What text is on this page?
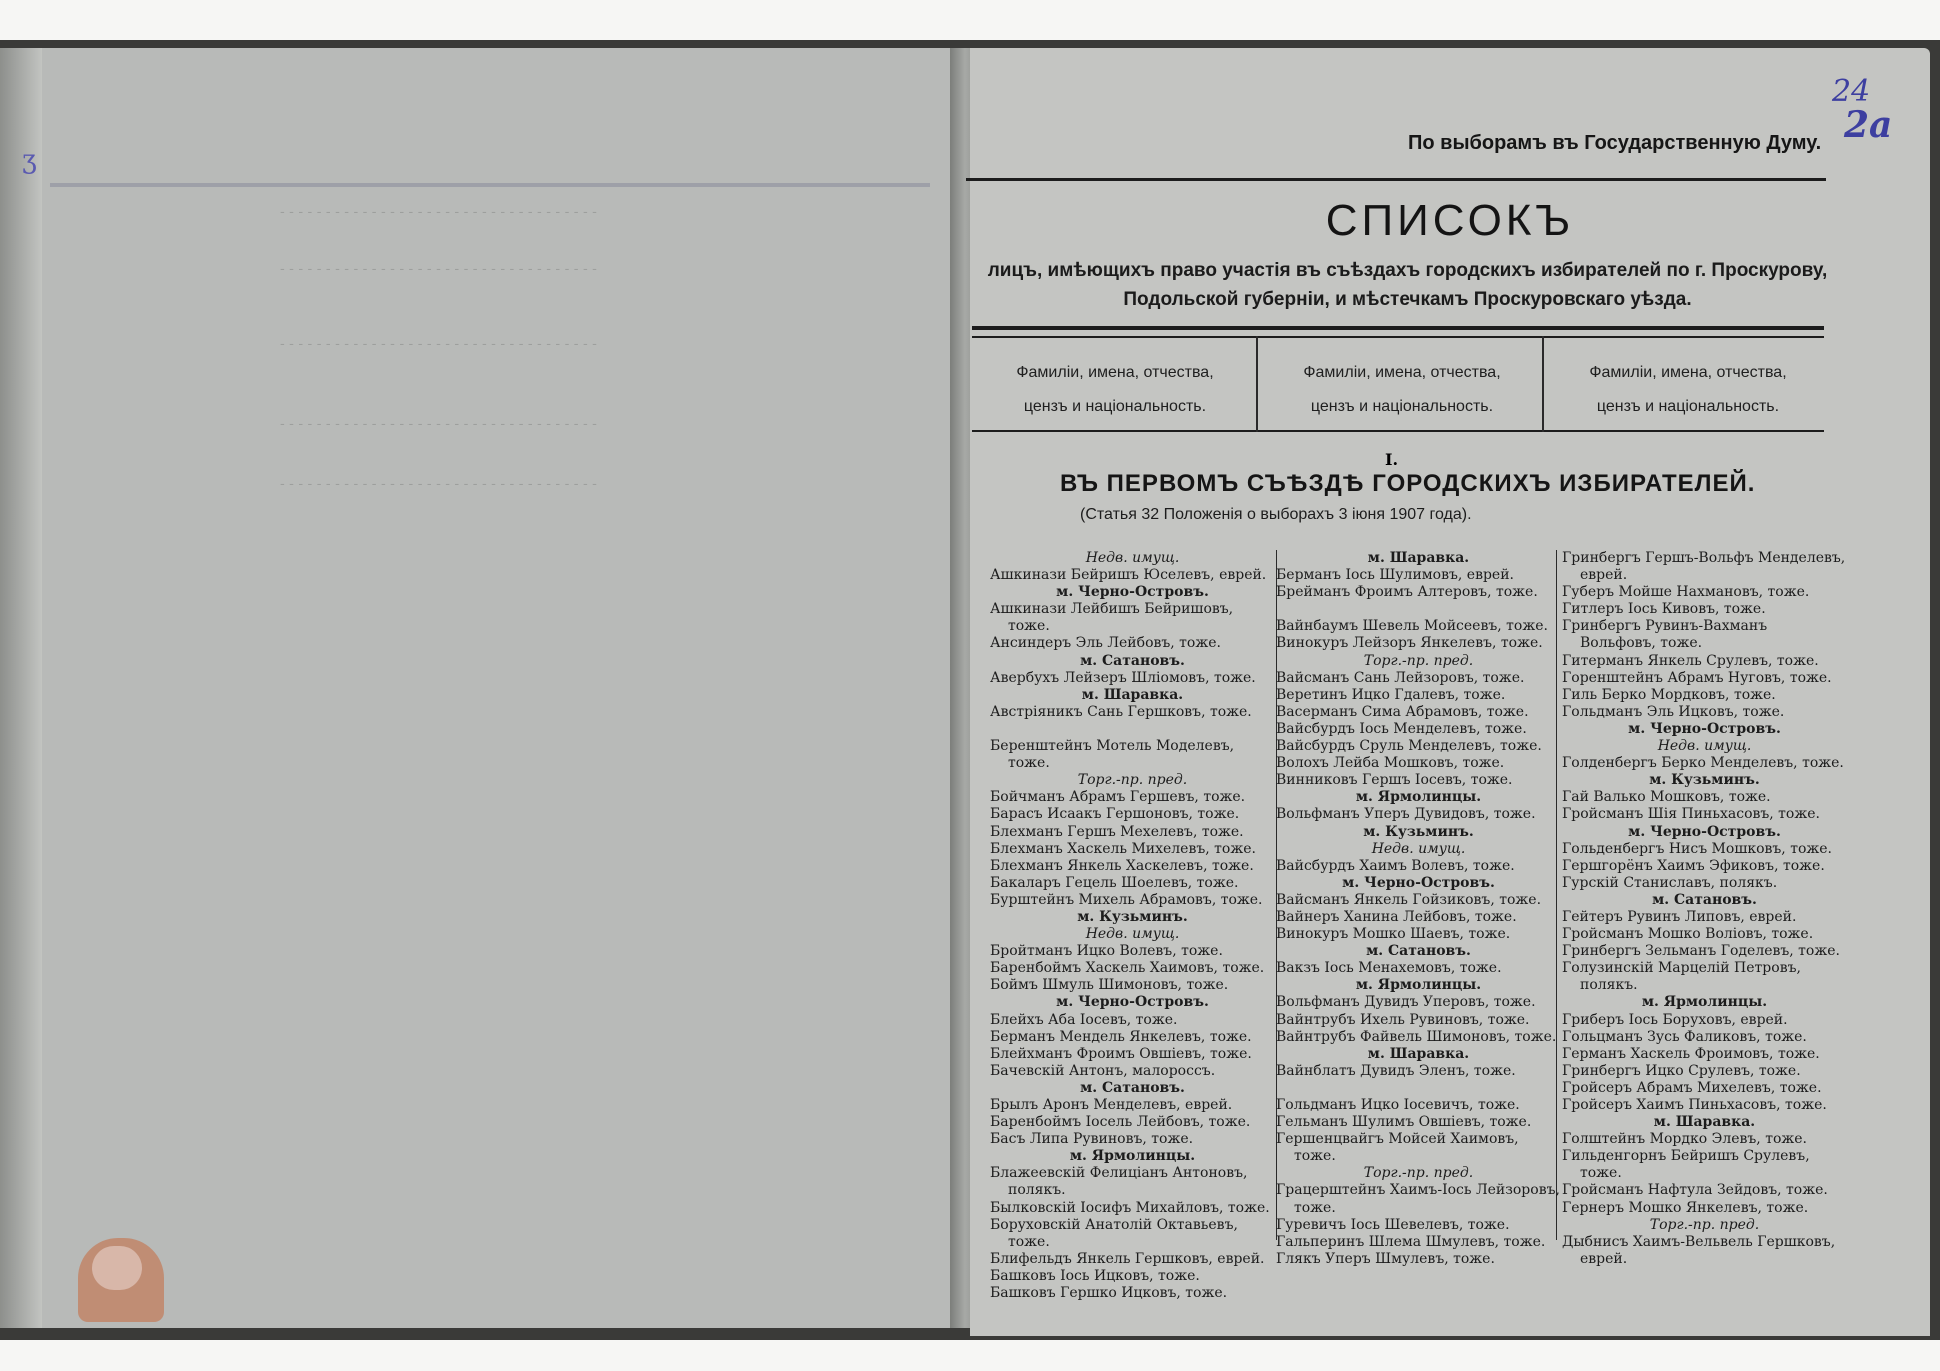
- - - - - - - - - - - - - - - - - - - - - - - - - - - - - - - - - - -
- - - - - - - - - - - - - - - - - - - - - - - - - - - - - - - - - - -
- - - - - - - - - - - - - - - - - - - - - - - - - - - - - - - - - - -
- - - - - - - - - - - - - - - - - - - - - - - - - - - - - - - - - - -
- - - - - - - - - - - - - - - - - - - - - - - - - - - - - - - - - - -
ʒ
По выборамъ въ Государственную Думу.
24
2а
СПИСОКЪ
лицъ, имѣющихъ право участія въ съѣздахъ городскихъ избирателей по г. Проскурову,
Подольской губерніи, и мѣстечкамъ Проскуровскаго уѣзда.
Фамиліи, имена, отчества,
цензъ и національность.
Фамиліи, имена, отчества,
цензъ и національность.
Фамиліи, имена, отчества,
цензъ и національность.
I.
ВЪ ПЕРВОМЪ СЪѢЗДѢ ГОРОДСКИХЪ ИЗБИРАТЕЛЕЙ.
(Статья 32 Положенія о выборахъ 3 іюня 1907 года).
Недв. имущ.
Ашкинази Бейришъ Юселевъ, еврей.
м. Черно-Островъ.
Ашкинази Лейбишъ Бейришовъ, тоже.
Ансиндеръ Эль Лейбовъ, тоже.
м. Сатановъ.
Авербухъ Лейзеръ Шлiомовъ, тоже.
м. Шаравка.
Австріяникъ Сань Гершковъ, тоже.

Беренштейнъ Мотель Моделевъ, тоже.
Торг.-пр. пред.
Бойчманъ Абрамъ Гершевъ, тоже.
Барасъ Исаакъ Гершоновъ, тоже.
Блехманъ Гершъ Мехелевъ, тоже.
Блехманъ Хаскель Михелевъ, тоже.
Блехманъ Янкель Хаскелевъ, тоже.
Бакаларъ Гецель Шоелевъ, тоже.
Бурштейнъ Михель Абрамовъ, тоже.
м. Кузьминъ.
Недв. имущ.
Бройтманъ Ицко Волевъ, тоже.
Баренбоймъ Хаскель Хаимовъ, тоже.
Боймъ Шмуль Шимоновъ, тоже.
м. Черно-Островъ.
Блейхъ Аба Іосевъ, тоже.
Берманъ Мендель Янкелевъ, тоже.
Блейхманъ Фроимъ Овшіевъ, тоже.
Бачевскій Антонъ, малороссъ.
м. Сатановъ.
Брылъ Аронъ Менделевъ, еврей.
Баренбоймъ Іосель Лейбовъ, тоже.
Басъ Липа Рувиновъ, тоже.
м. Ярмолинцы.
Блажеевскій Фелиціанъ Антоновъ, полякъ.
Былковскій Іосифъ Михайловъ, тоже.
Боруховскій Анатолій Октавьевъ, тоже.
Блифельдъ Янкель Гершковъ, еврей.
Башковъ Іось Ицковъ, тоже.
Башковъ Гершко Ицковъ, тоже.
м. Шаравка.
Берманъ Іось Шулимовъ, еврей.
Брейманъ Фроимъ Алтеровъ, тоже.

Вайнбаумъ Шевель Мойсеевъ, тоже.
Винокуръ Лейзоръ Янкелевъ, тоже.
Торг.-пр. пред.
Вайсманъ Сань Лейзоровъ, тоже.
Веретинъ Ицко Гдалевъ, тоже.
Васерманъ Сима Абрамовъ, тоже.
Вайсбурдъ Іось Менделевъ, тоже.
Вайсбурдъ Сруль Менделевъ, тоже.
Волохъ Лейба Мошковъ, тоже.
Винниковъ Гершъ Іосевъ, тоже.
м. Ярмолинцы.
Вольфманъ Уперъ Дувидовъ, тоже.
м. Кузьминъ.
Недв. имущ.
Вайсбурдъ Хаимъ Волевъ, тоже.
м. Черно-Островъ.
Вайсманъ Янкель Гойзиковъ, тоже.
Вайнеръ Ханина Лейбовъ, тоже.
Винокуръ Мошко Шаевъ, тоже.
м. Сатановъ.
Вакзъ Іось Менахемовъ, тоже.
м. Ярмолинцы.
Вольфманъ Дувидъ Уперовъ, тоже.
Вайнтрубъ Ихель Рувиновъ, тоже.
Вайнтрубъ Файвель Шимоновъ, тоже.
м. Шаравка.
Вайнблатъ Дувидъ Эленъ, тоже.

Гольдманъ Ицко Іосевичъ, тоже.
Гельманъ Шулимъ Овшіевъ, тоже.
Гершенцвайгъ Мойсей Хаимовъ, тоже.
Торг.-пр. пред.
Грацерштейнъ Хаимъ-Іось Лейзоровъ, тоже.
Гуревичъ Іось Шевелевъ, тоже.
Гальперинъ Шлема Шмулевъ, тоже.
Глякъ Уперъ Шмулевъ, тоже.
Гринбергъ Гершъ-Вольфъ Менделевъ, еврей.
Губеръ Мойше Нахмановъ, тоже.
Гитлеръ Іось Кивовъ, тоже.
Гринбергъ Рувинъ-Вахманъ Вольфовъ, тоже.
Гитерманъ Янкель Срулевъ, тоже.
Горенштейнъ Абрамъ Нуговъ, тоже.
Гиль Берко Мордковъ, тоже.
Гольдманъ Эль Ицковъ, тоже.
м. Черно-Островъ.
Недв. имущ.
Голденбергъ Берко Менделевъ, тоже.
м. Кузьминъ.
Гай Валько Мошковъ, тоже.
Гройсманъ Шія Пиньхасовъ, тоже.
м. Черно-Островъ.
Гольденбергъ Нисъ Мошковъ, тоже.
Гершгорёнъ Хаимъ Эфиковъ, тоже.
Гурскій Станиславъ, полякъ.
м. Сатановъ.
Гейтеръ Рувинъ Липовъ, еврей.
Гройсманъ Мошко Воліовъ, тоже.
Гринбергъ Зельманъ Годелевъ, тоже.
Голузинскій Марцелій Петровъ, полякъ.
м. Ярмолинцы.
Гриберъ Іось Боруховъ, еврей.
Гольцманъ Зусь Фаликовъ, тоже.
Германъ Хаскель Фроимовъ, тоже.
Гринбергъ Ицко Срулевъ, тоже.
Гройсеръ Абрамъ Михелевъ, тоже.
Гройсеръ Хаимъ Пиньхасовъ, тоже.
м. Шаравка.
Голштейнъ Мордко Элевъ, тоже.
Гильденгорнъ Бейришъ Срулевъ, тоже.
Гройсманъ Нафтула Зейдовъ, тоже.
Гернеръ Мошко Янкелевъ, тоже.
Торг.-пр. пред.
Дыбнисъ Хаимъ-Вельвель Гершковъ, еврей.
